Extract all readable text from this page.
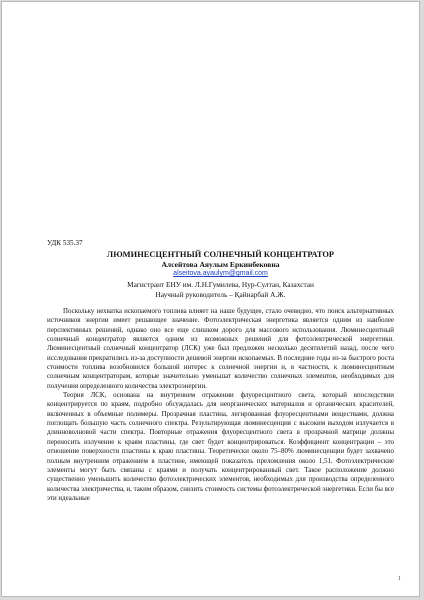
УДК 535.37

ЛЮМИНЕСЦЕНТНЫЙ СОЛНЕЧНЫЙ КОНЦЕНТРАТОР

Алсейтова Аяулым Еркинбековна

alseitova.ayaulym@gmail.com

Магистрант ЕНУ им. Л.Н.Гумилева, Нур-Султан, Казахстан

Научный руководитель – Қайнарбай А.Ж.

Поскольку нехватка ископаемого топлива влияет на наше будущее, стало очевидно, что поиск альтернативных источников энергии имеет решающее значение. Фотоэлектрическая энергетика является одним из наиболее перспективных решений, однако оно все еще слишком дорого для массового использования. Люминесцентный солнечный концентратор является одним из возможных решений для фотоэлектрической энергетики. Люминесцентный солнечный концентратор (ЛСК) уже был предложен несколько десятилетий назад, после чего исследования прекратились из-за доступности дешевой энергии ископаемых. В последние годы из-за быстрого роста стоимости топлива возобновился большой интерес к солнечной энергии и, в частности, к люминесцентным солнечным концентраторам, которые значительно уменьшат количество солнечных элементов, необходимых для получения определенного количества электроэнергии.

Теория ЛСК, основана на внутреннем отражении флуоресцентного света, который впоследствии концентрируется по краям, подробно обсуждалась для неорганических материалов и органических красителей, включенных в объемные полимеры. Прозрачная пластина, легированная флуоресцентными веществами, должна поглощать большую часть солнечного спектра. Результирующая люминесценция с высоким выходом излучается в длинноволновой части спектра. Повторные отражения флуоресцентного света в прозрачной матрице должны переносить излучение к краям пластины, где свет будет концентрироваться. Коэффициент концентрации – это отношение поверхности пластины к краю пластины. Теоретически около 75–80% люминесценции будет захвачено полным внутренним отражением в пластине, имеющей показатель преломления около 1,51. Фотоэлектрические элементы могут быть связаны с краями и получать концентрированный свет. Такое расположение должно существенно уменьшить количество фотоэлектрических элементов, необходимых для производства определенного количества электричества, и, таким образом, снизить стоимость системы фотоэлектрической энергетики. Если бы все эти идеальные

1
